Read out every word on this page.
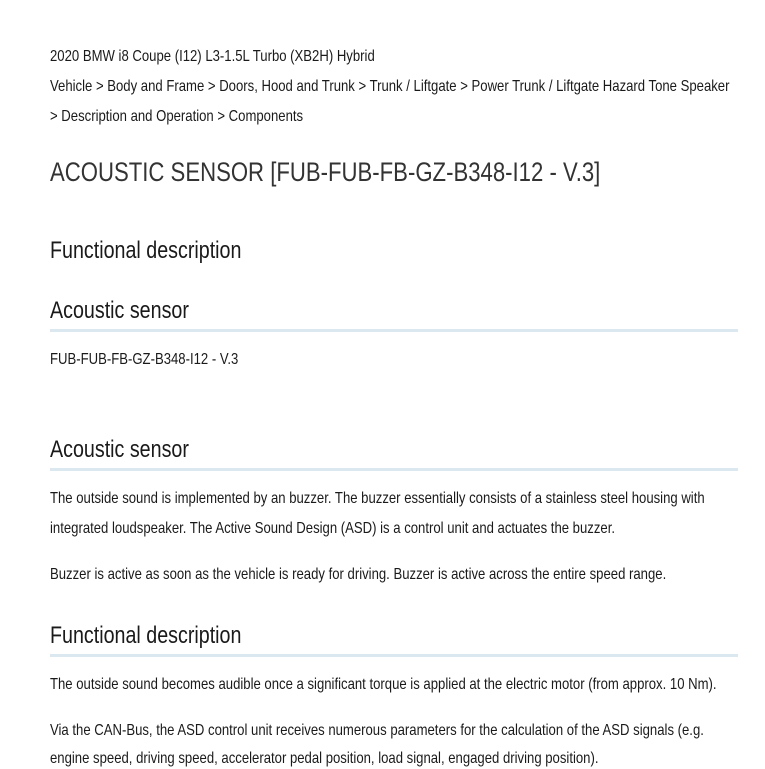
2020 BMW i8 Coupe (I12) L3-1.5L Turbo (XB2H) Hybrid
Vehicle > Body and Frame > Doors, Hood and Trunk > Trunk / Liftgate > Power Trunk / Liftgate Hazard Tone Speaker
> Description and Operation > Components
ACOUSTIC SENSOR [FUB-FUB-FB-GZ-B348-I12 - V.3]
Functional description
Acoustic sensor

FUB-FUB-FB-GZ-B348-I12 - V.3

Acoustic sensor

The outside sound is implemented by an buzzer. The buzzer essentially consists of a stainless steel housing with

integrated loudspeaker. The Active Sound Design (ASD) is a control unit and actuates the buzzer.

Buzzer is active as soon as the vehicle is ready for driving. Buzzer is active across the entire speed range.

Functional description

The outside sound becomes audible once a significant torque is applied at the electric motor (from approx. 10 Nm).

Via the CAN-Bus, the ASD control unit receives numerous parameters for the calculation of the ASD signals (e.g.

engine speed, driving speed, accelerator pedal position, load signal, engaged driving position).
